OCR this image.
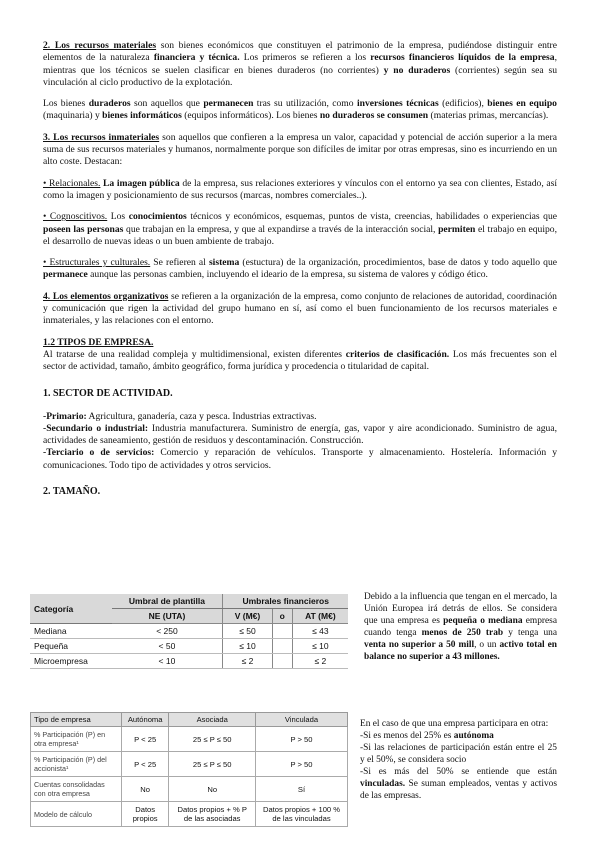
2. Los recursos materiales son bienes económicos que constituyen el patrimonio de la empresa, pudiéndose distinguir entre elementos de la naturaleza financiera y técnica. Los primeros se refieren a los recursos financieros líquidos de la empresa, mientras que los técnicos se suelen clasificar en bienes duraderos (no corrientes) y no duraderos (corrientes) según sea su vinculación al ciclo productivo de la explotación.

Los bienes duraderos son aquellos que permanecen tras su utilización, como inversiones técnicas (edificios), bienes en equipo (maquinaria) y bienes informáticos (equipos informáticos). Los bienes no duraderos se consumen (materias primas, mercancías).

3. Los recursos inmateriales son aquellos que confieren a la empresa un valor, capacidad y potencial de acción superior a la mera suma de sus recursos materiales y humanos, normalmente porque son difíciles de imitar por otras empresas, sino es incurriendo en un alto coste. Destacan:

• Relacionales. La imagen pública de la empresa, sus relaciones exteriores y vínculos con el entorno ya sea con clientes, Estado, así como la imagen y posicionamiento de sus recursos (marcas, nombres comerciales..).

• Cognoscitivos. Los conocimientos técnicos y económicos, esquemas, puntos de vista, creencias, habilidades o experiencias que poseen las personas que trabajan en la empresa, y que al expandirse a través de la interacción social, permiten el trabajo en equipo, el desarrollo de nuevas ideas o un buen ambiente de trabajo.

• Estructurales y culturales. Se refieren al sistema (estuctura) de la organización, procedimientos, base de datos y todo aquello que permanece aunque las personas cambien, incluyendo el ideario de la empresa, su sistema de valores y código ético.

4. Los elementos organizativos se refieren a la organización de la empresa, como conjunto de relaciones de autoridad, coordinación y comunicación que rigen la actividad del grupo humano en sí, así como el buen funcionamiento de los recursos materiales e inmateriales, y las relaciones con el entorno.

1.2 TIPOS DE EMPRESA.

Al tratarse de una realidad compleja y multidimensional, existen diferentes criterios de clasificación. Los más frecuentes son el sector de actividad, tamaño, ámbito geográfico, forma jurídica y procedencia o titularidad de capital.

1. SECTOR DE ACTIVIDAD.

-Primario: Agricultura, ganadería, caza y pesca. Industrias extractivas.

-Secundario o industrial: Industria manufacturera. Suministro de energía, gas, vapor y aire acondicionado. Suministro de agua, actividades de saneamiento, gestión de residuos y descontaminación. Construcción.

-Terciario o de servicios: Comercio y reparación de vehículos. Transporte y almacenamiento. Hostelería. Información y comunicaciones. Todo tipo de actividades y otros servicios.

2. TAMAÑO.
Categoría	Umbral de plantilla	Umbrales financieros		
	NE (UTA)	V (M€)	o	AT (M€)
Mediana	< 250	≤ 50		≤ 43
Pequeña	< 50	≤ 10		≤ 10
Microempresa	< 10	≤ 2		≤ 2
Debido a la influencia que tengan en el mercado, la Unión Europea irá detrás de ellos. Se considera que una empresa es pequeña o mediana empresa cuando tenga menos de 250 trab y tenga una venta no superior a 50 mill, o un activo total en balance no superior a 43 millones.
Tipo de empresa	Autónoma	Asociada	Vinculada
% Participación (P) en otra empresa¹	P < 25	25 ≤ P ≤ 50	P > 50
% Participación (P) del accionista¹	P < 25	25 ≤ P ≤ 50	P > 50
Cuentas consolidadas con otra empresa	No	No	Sí
Modelo de cálculo	Datos propios	Datos propios + % P de las asociadas	Datos propios + 100 % de las vinculadas
En el caso de que una empresa participara en otra:
-Si es menos del 25% es autónoma
-Si las relaciones de participación están entre el 25 y el 50%, se considera socio
-Si es más del 50% se entiende que están vinculadas. Se suman empleados, ventas y activos de las empresas.
